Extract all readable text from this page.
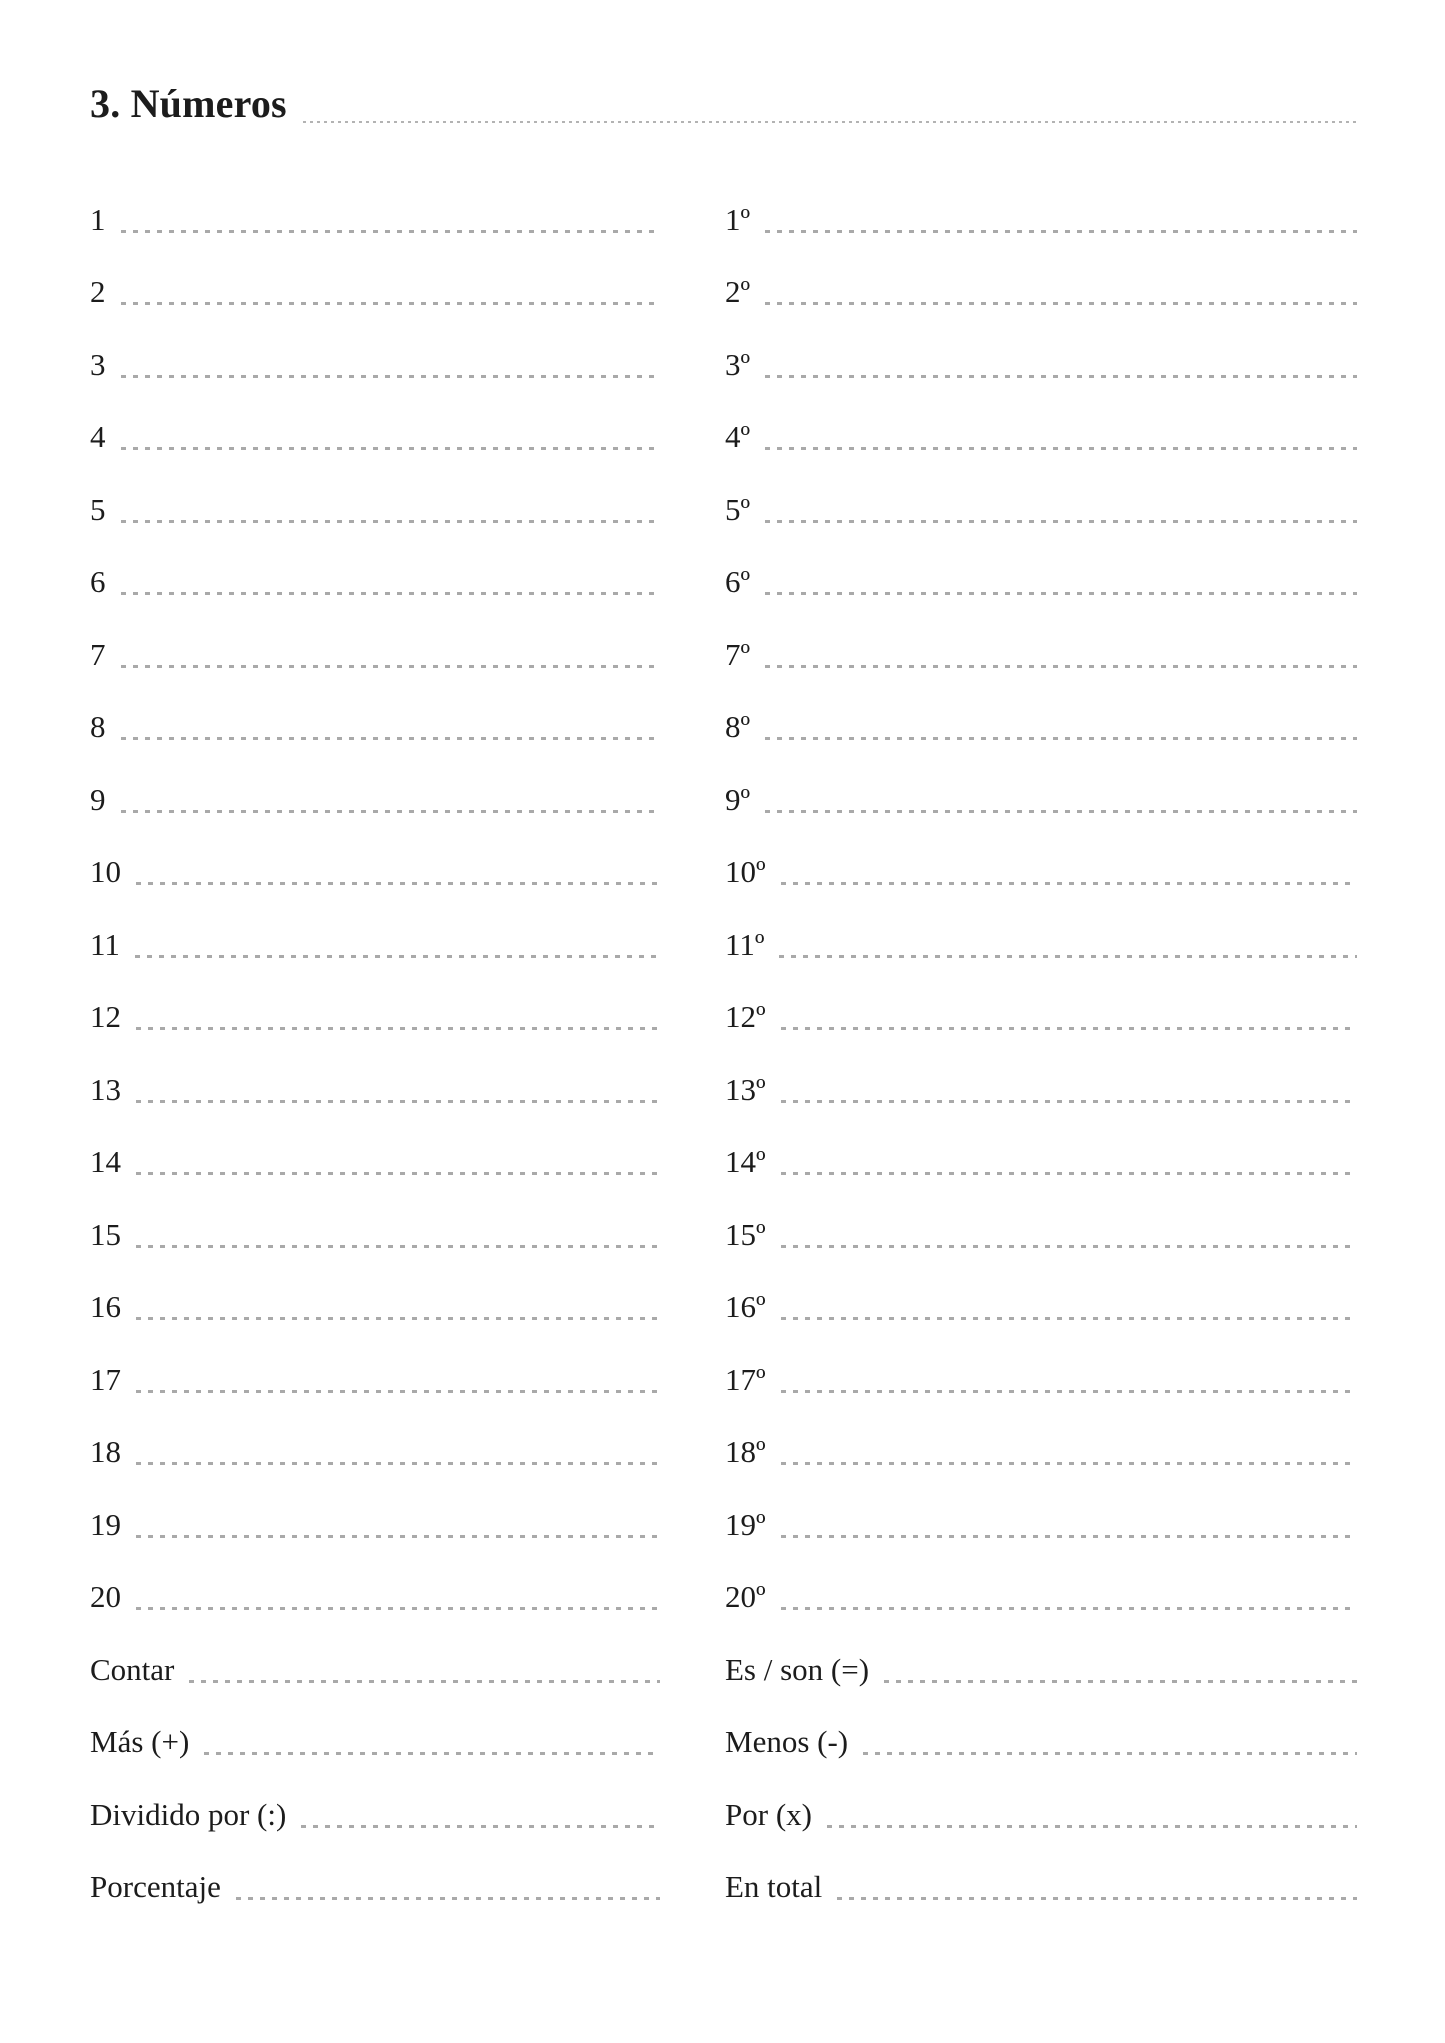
3. Números
1
2
3
4
5
6
7
8
9
10
11
12
13
14
15
16
17
18
19
20
Contar
Más (+)
Dividido por (:)
Porcentaje
1º
2º
3º
4º
5º
6º
7º
8º
9º
10º
11º
12º
13º
14º
15º
16º
17º
18º
19º
20º
Es / son (=)
Menos (-)
Por (x)
En total
